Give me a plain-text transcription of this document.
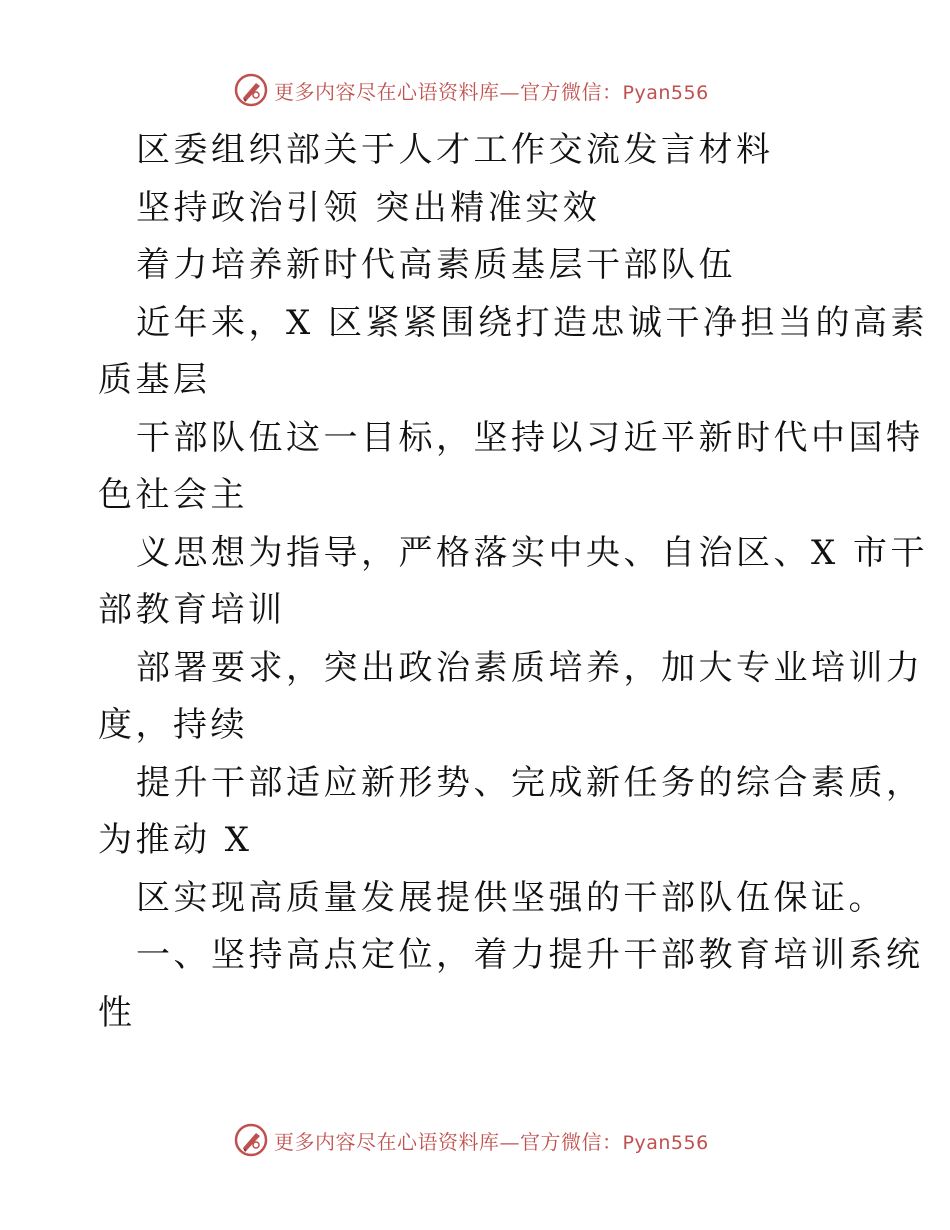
更多内容尽在心语资料库—官方微信：Pyan556
区委组织部关于人才工作交流发言材料
坚持政治引领 突出精准实效
着力培养新时代高素质基层干部队伍
近年来，X 区紧紧围绕打造忠诚干净担当的高素
质基层
干部队伍这一目标，坚持以习近平新时代中国特
色社会主
义思想为指导，严格落实中央、自治区、X 市干
部教育培训
部署要求，突出政治素质培养，加大专业培训力
度，持续
提升干部适应新形势、完成新任务的综合素质，
为推动 X
区实现高质量发展提供坚强的干部队伍保证。
一、坚持高点定位，着力提升干部教育培训系统
性
更多内容尽在心语资料库—官方微信：Pyan556
